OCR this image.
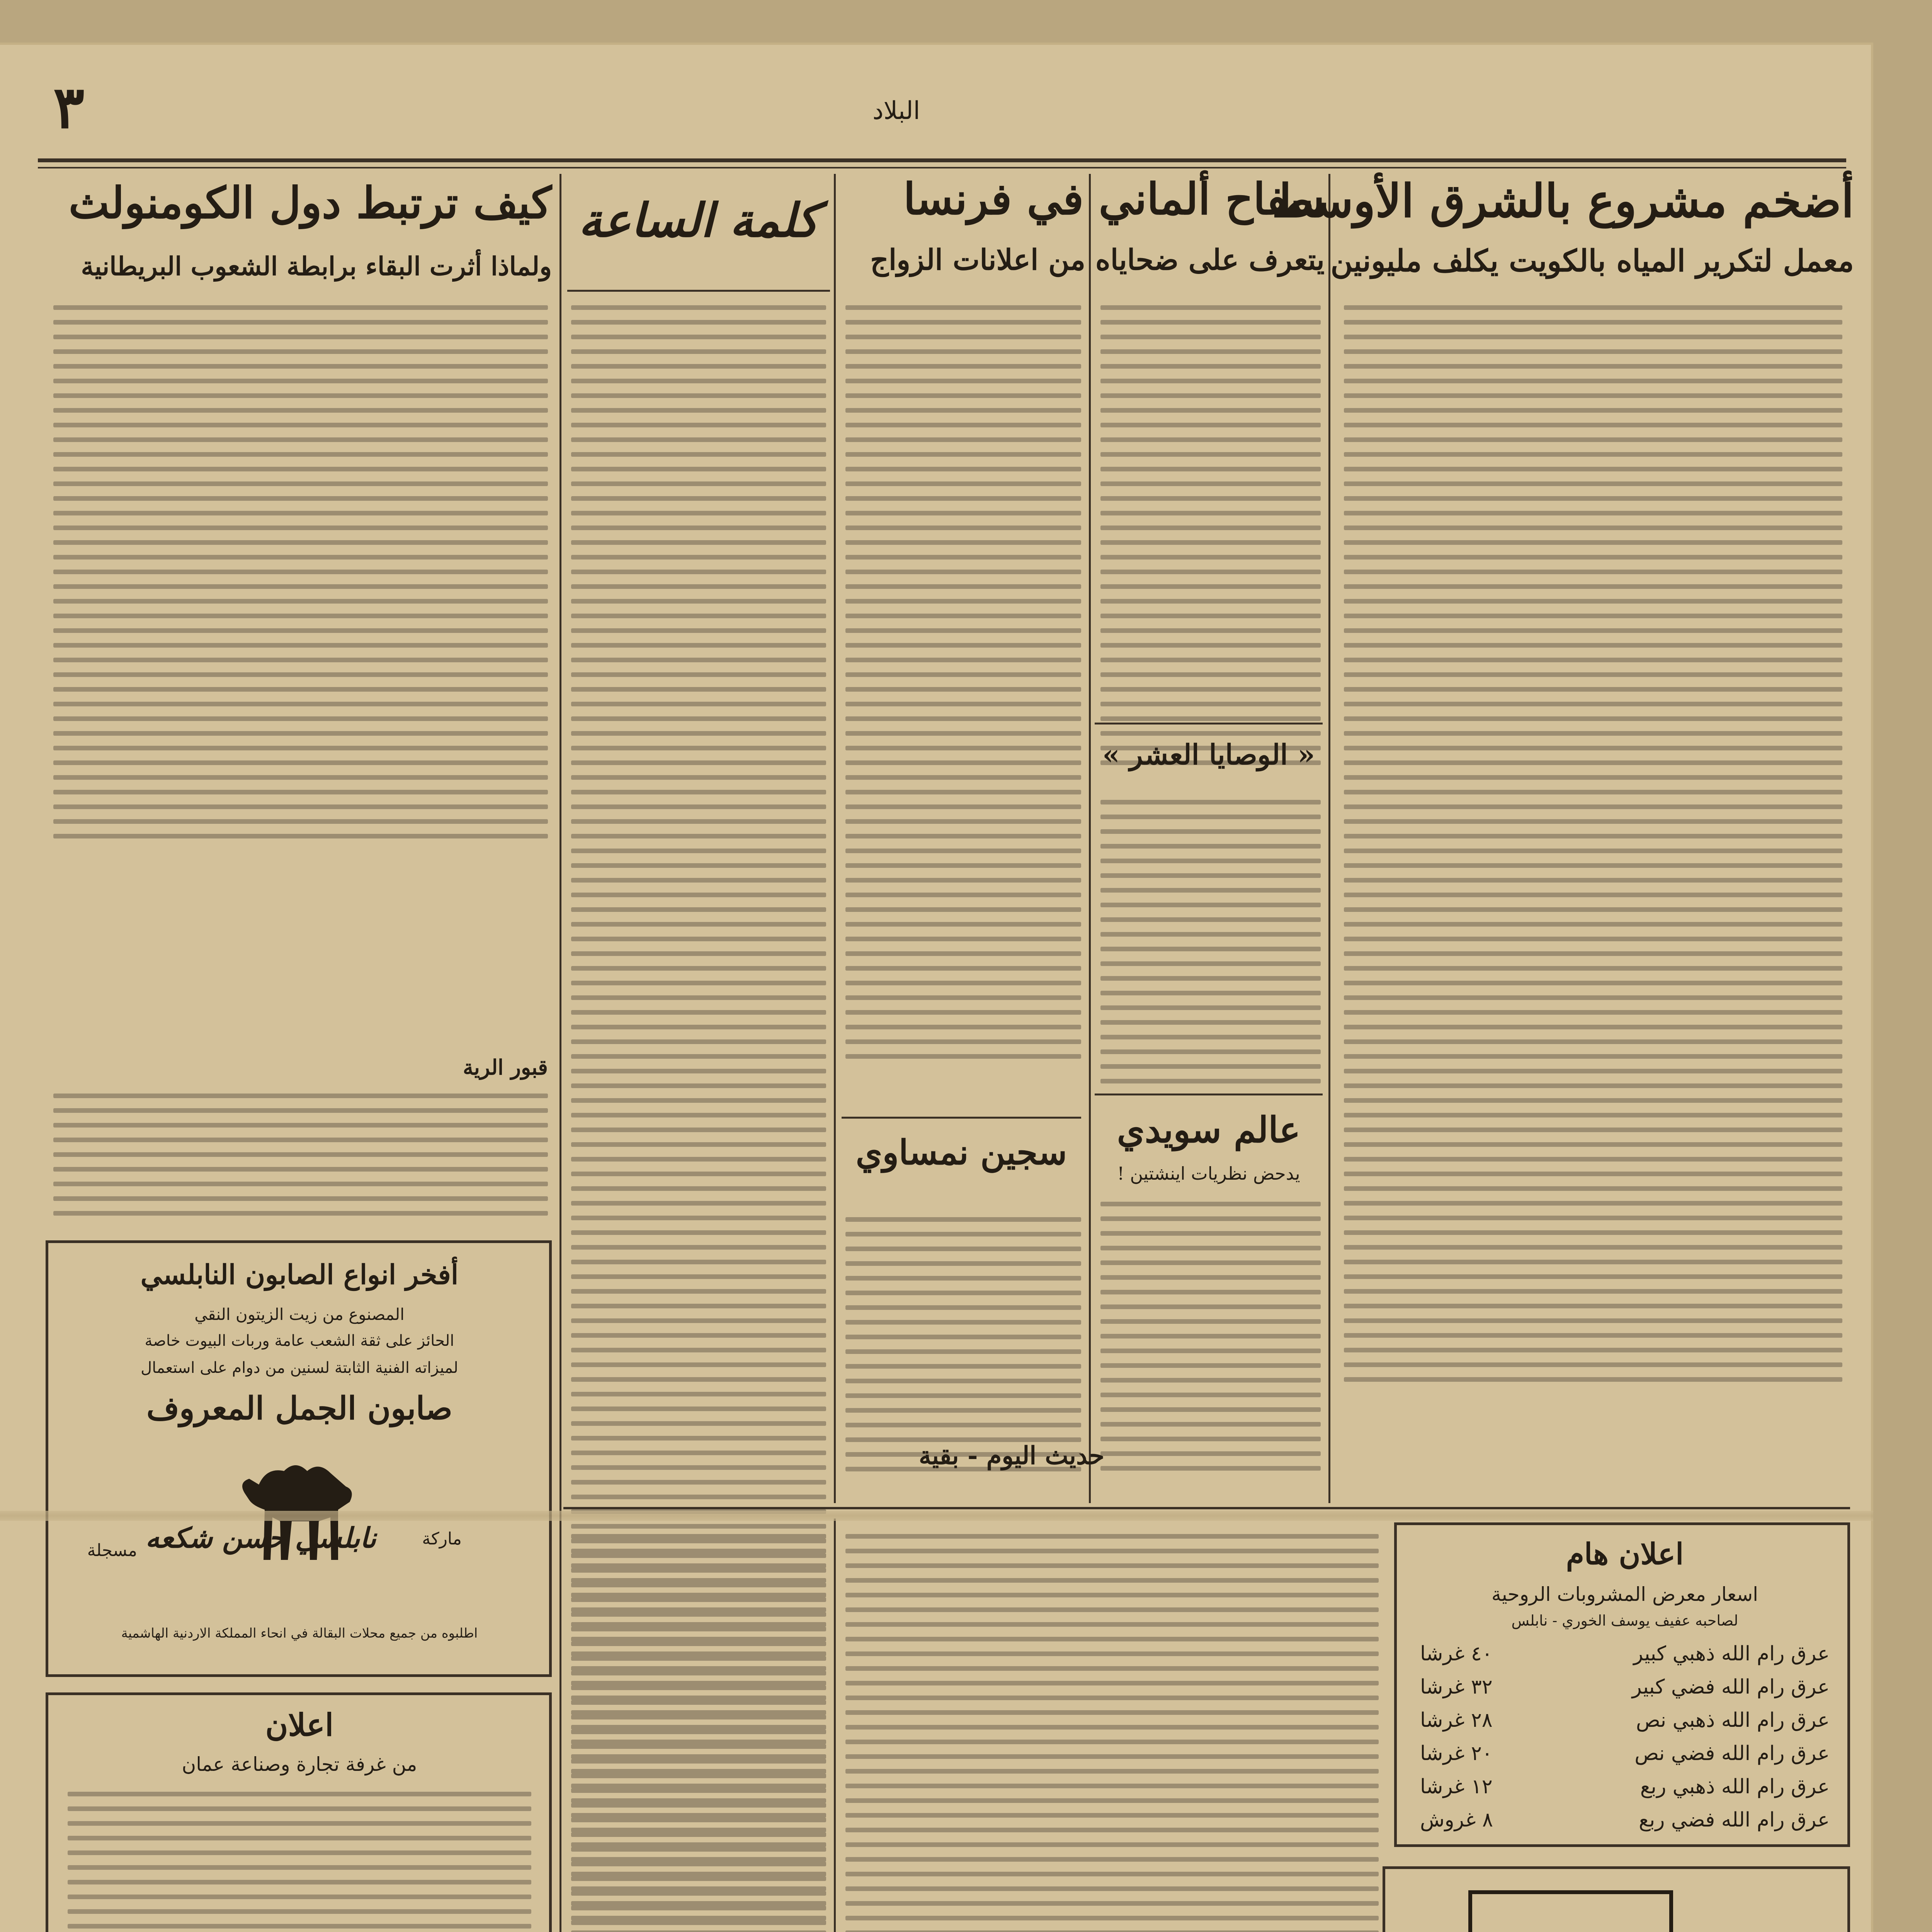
٣	البلاد
أضخم مشروع بالشرق الأوسط
معمل لتكرير المياه بالكويت يكلف مليونين
سفاح ألماني في فرنسا
يتعرف على ضحاياه من اعلانات الزواج
« الوصايا العشر »
عالم سويدي
يدحض نظريات اينشتين !
سجين نمساوي
كلمة الساعة
كيف ترتبط دول الكومنولث
ولماذا أثرت البقاء برابطة الشعوب البريطانية
قبور الرية
أفخر انواع الصابون النابلسي
المصنوع من زيت الزيتون النقي
الحائز على ثقة الشعب عامة وربات البيوت خاصة
لميزاته الفنية الثابتة لسنين من دوام على استعمال
صابون الجمل المعروف
ماركة
مسجلة نابلسي حسن شكعه
اطلبوه من جميع محلات البقالة في انحاء المملكة الاردنية الهاشمية
اعلان
من غرفة تجارة وصناعة عمان
حديث اليوم - بقية
اعلان هام
اسعار معرض المشروبات الروحية
لصاحبه عفيف يوسف الخوري - نابلس
عرق رام الله ذهبي كبير
٤٠ غرشا
عرق رام الله فضي كبير
٣٢ غرشا
عرق رام الله ذهبي نص
٢٨ غرشا
عرق رام الله فضي نص
٢٠ غرشا
عرق رام الله ذهبي ربع
١٢ غرشا
عرق رام الله فضي ربع
٨ غروش
